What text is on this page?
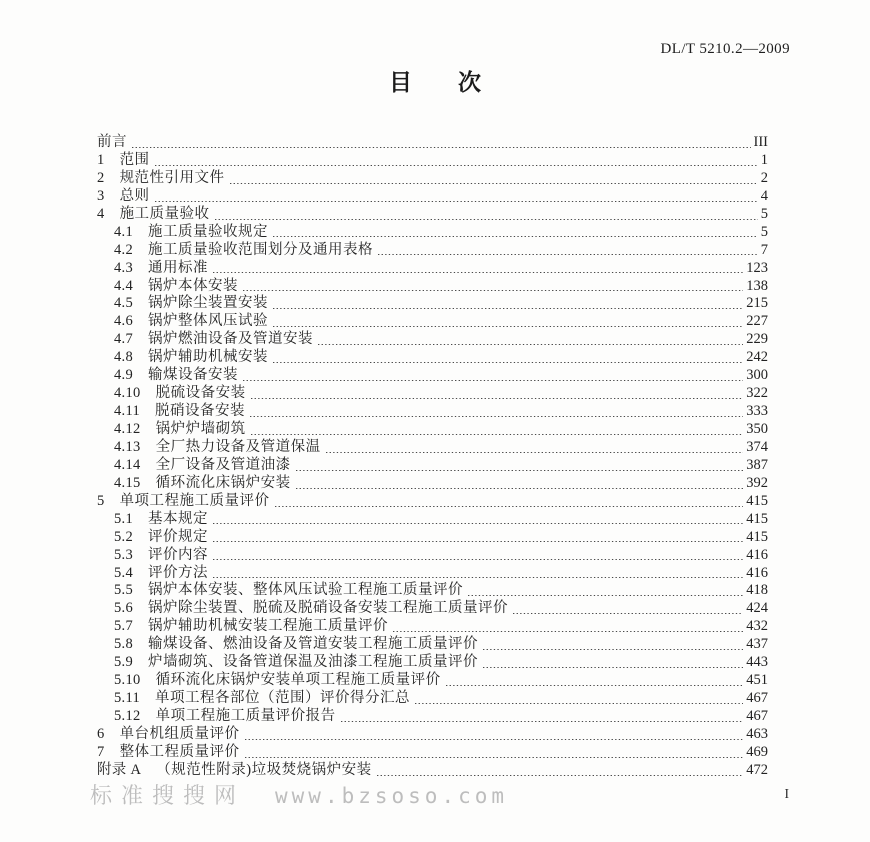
DL/T 5210.2—2009
目　　次
前言	III
1 范围	1
2 规范性引用文件	2
3 总则	4
4 施工质量验收	5
4.1 施工质量验收规定	5
4.2 施工质量验收范围划分及通用表格	7
4.3 通用标准	123
4.4 锅炉本体安装	138
4.5 锅炉除尘装置安装	215
4.6 锅炉整体风压试验	227
4.7 锅炉燃油设备及管道安装	229
4.8 锅炉辅助机械安装	242
4.9 输煤设备安装	300
4.10 脱硫设备安装	322
4.11 脱硝设备安装	333
4.12 锅炉炉墙砌筑	350
4.13 全厂热力设备及管道保温	374
4.14 全厂设备及管道油漆	387
4.15 循环流化床锅炉安装	392
5 单项工程施工质量评价	415
5.1 基本规定	415
5.2 评价规定	415
5.3 评价内容	416
5.4 评价方法	416
5.5 锅炉本体安装、整体风压试验工程施工质量评价	418
5.6 锅炉除尘装置、脱硫及脱硝设备安装工程施工质量评价	424
5.7 锅炉辅助机械安装工程施工质量评价	432
5.8 输煤设备、燃油设备及管道安装工程施工质量评价	437
5.9 炉墙砌筑、设备管道保温及油漆工程施工质量评价	443
5.10 循环流化床锅炉安装单项工程施工质量评价	451
5.11 单项工程各部位（范围）评价得分汇总	467
5.12 单项工程施工质量评价报告	467
6 单台机组质量评价	463
7 整体工程质量评价	469
附录 A （规范性附录)垃圾焚烧锅炉安装	472
标准搜搜网 www.bzsoso.com	I
